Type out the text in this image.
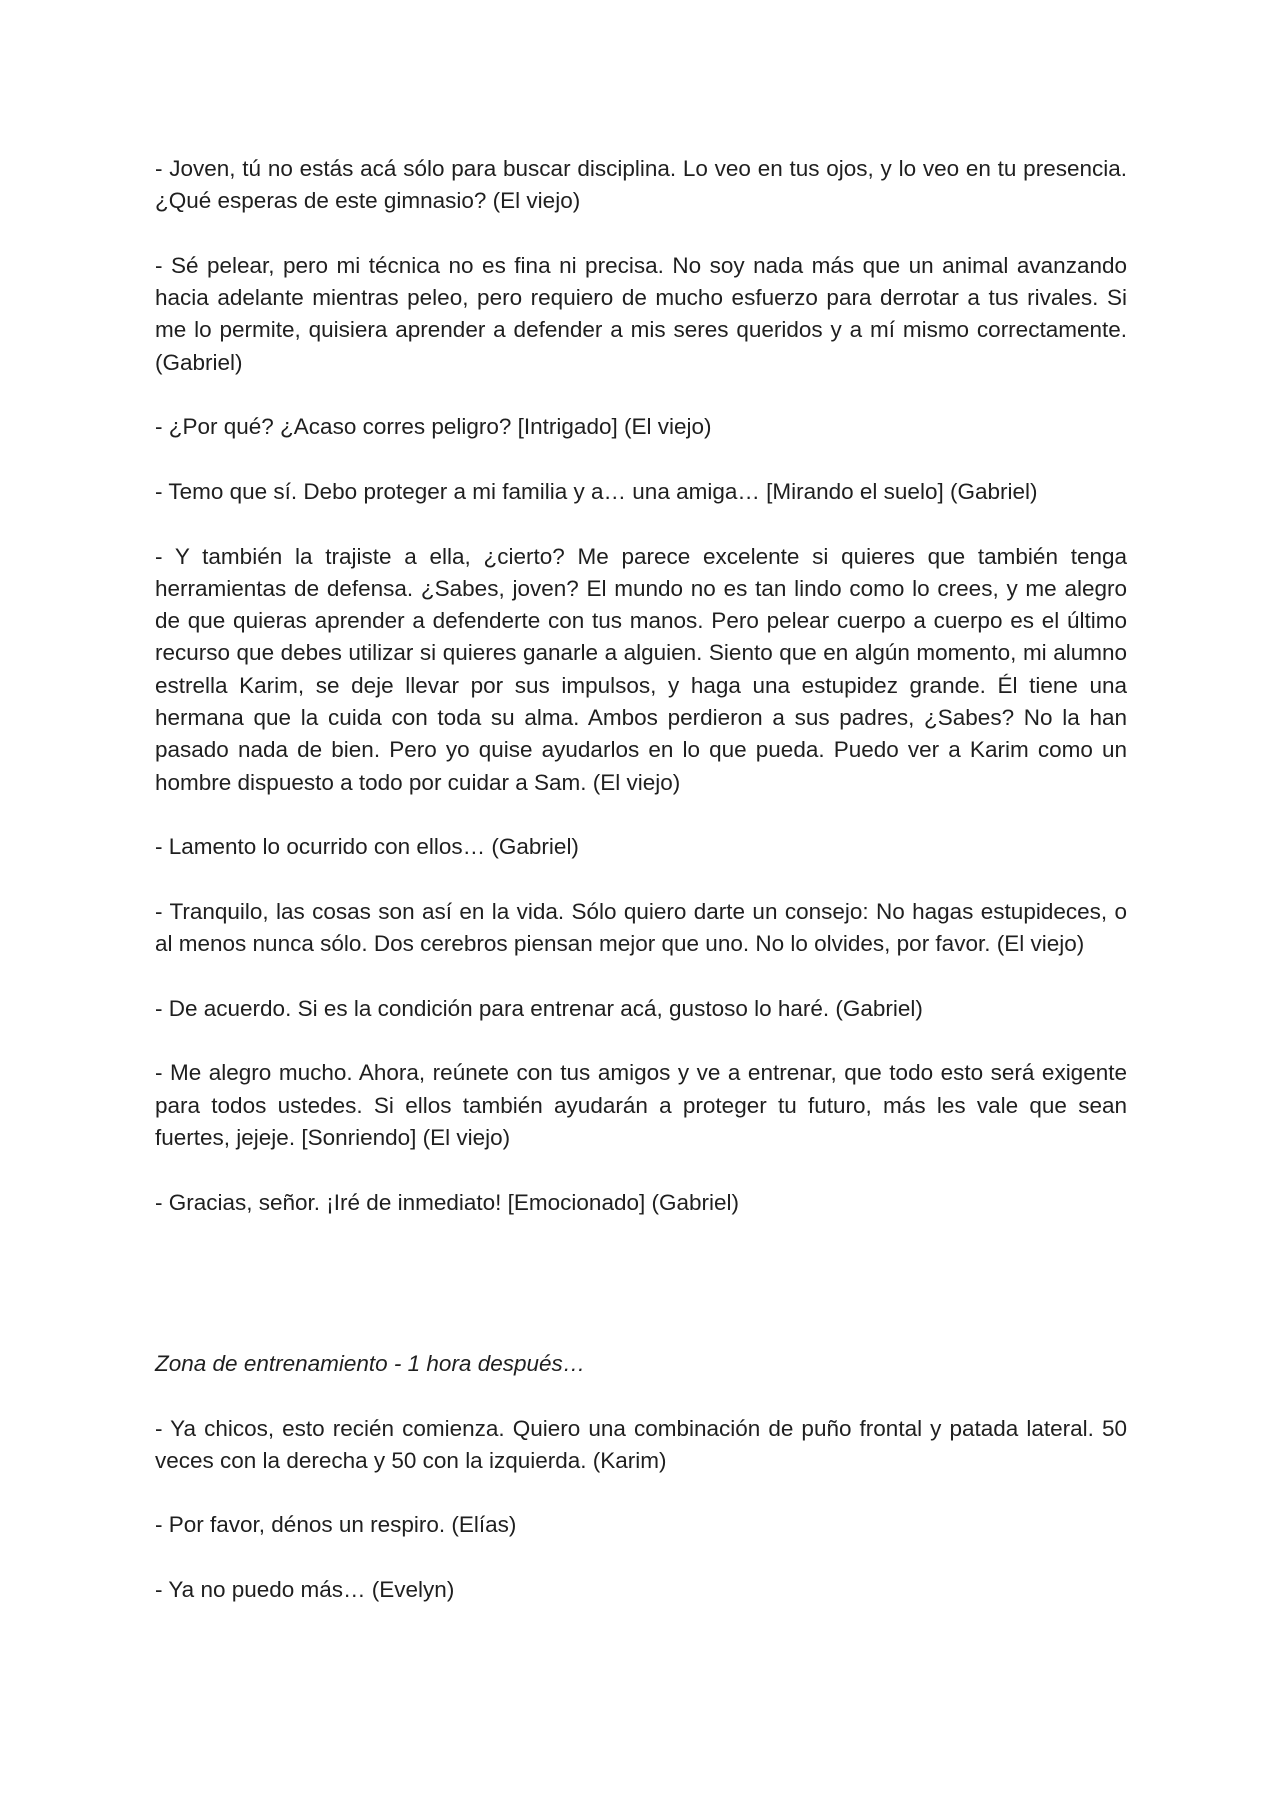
- Joven, tú no estás acá sólo para buscar disciplina. Lo veo en tus ojos, y lo veo en tu presencia. ¿Qué esperas de este gimnasio? (El viejo)

- Sé pelear, pero mi técnica no es fina ni precisa. No soy nada más que un animal avanzando hacia adelante mientras peleo, pero requiero de mucho esfuerzo para derrotar a tus rivales. Si me lo permite, quisiera aprender a defender a mis seres queridos y a mí mismo correctamente. (Gabriel)

- ¿Por qué? ¿Acaso corres peligro? [Intrigado] (El viejo)

- Temo que sí. Debo proteger a mi familia y a… una amiga… [Mirando el suelo] (Gabriel)

- Y también la trajiste a ella, ¿cierto? Me parece excelente si quieres que también tenga herramientas de defensa. ¿Sabes, joven? El mundo no es tan lindo como lo crees, y me alegro de que quieras aprender a defenderte con tus manos. Pero pelear cuerpo a cuerpo es el último recurso que debes utilizar si quieres ganarle a alguien. Siento que en algún momento, mi alumno estrella Karim, se deje llevar por sus impulsos, y haga una estupidez grande. Él tiene una hermana que la cuida con toda su alma. Ambos perdieron a sus padres, ¿Sabes? No la han pasado nada de bien. Pero yo quise ayudarlos en lo que pueda. Puedo ver a Karim como un hombre dispuesto a todo por cuidar a Sam. (El viejo)

- Lamento lo ocurrido con ellos… (Gabriel)

- Tranquilo, las cosas son así en la vida. Sólo quiero darte un consejo: No hagas estupideces, o al menos nunca sólo. Dos cerebros piensan mejor que uno. No lo olvides, por favor. (El viejo)

- De acuerdo. Si es la condición para entrenar acá, gustoso lo haré. (Gabriel)

- Me alegro mucho. Ahora, reúnete con tus amigos y ve a entrenar, que todo esto será exigente para todos ustedes. Si ellos también ayudarán a proteger tu futuro, más les vale que sean fuertes, jejeje. [Sonriendo] (El viejo)

- Gracias, señor. ¡Iré de inmediato! [Emocionado] (Gabriel)

Zona de entrenamiento - 1 hora después…

- Ya chicos, esto recién comienza. Quiero una combinación de puño frontal y patada lateral. 50 veces con la derecha y 50 con la izquierda. (Karim)

- Por favor, dénos un respiro. (Elías)

- Ya no puedo más… (Evelyn)
